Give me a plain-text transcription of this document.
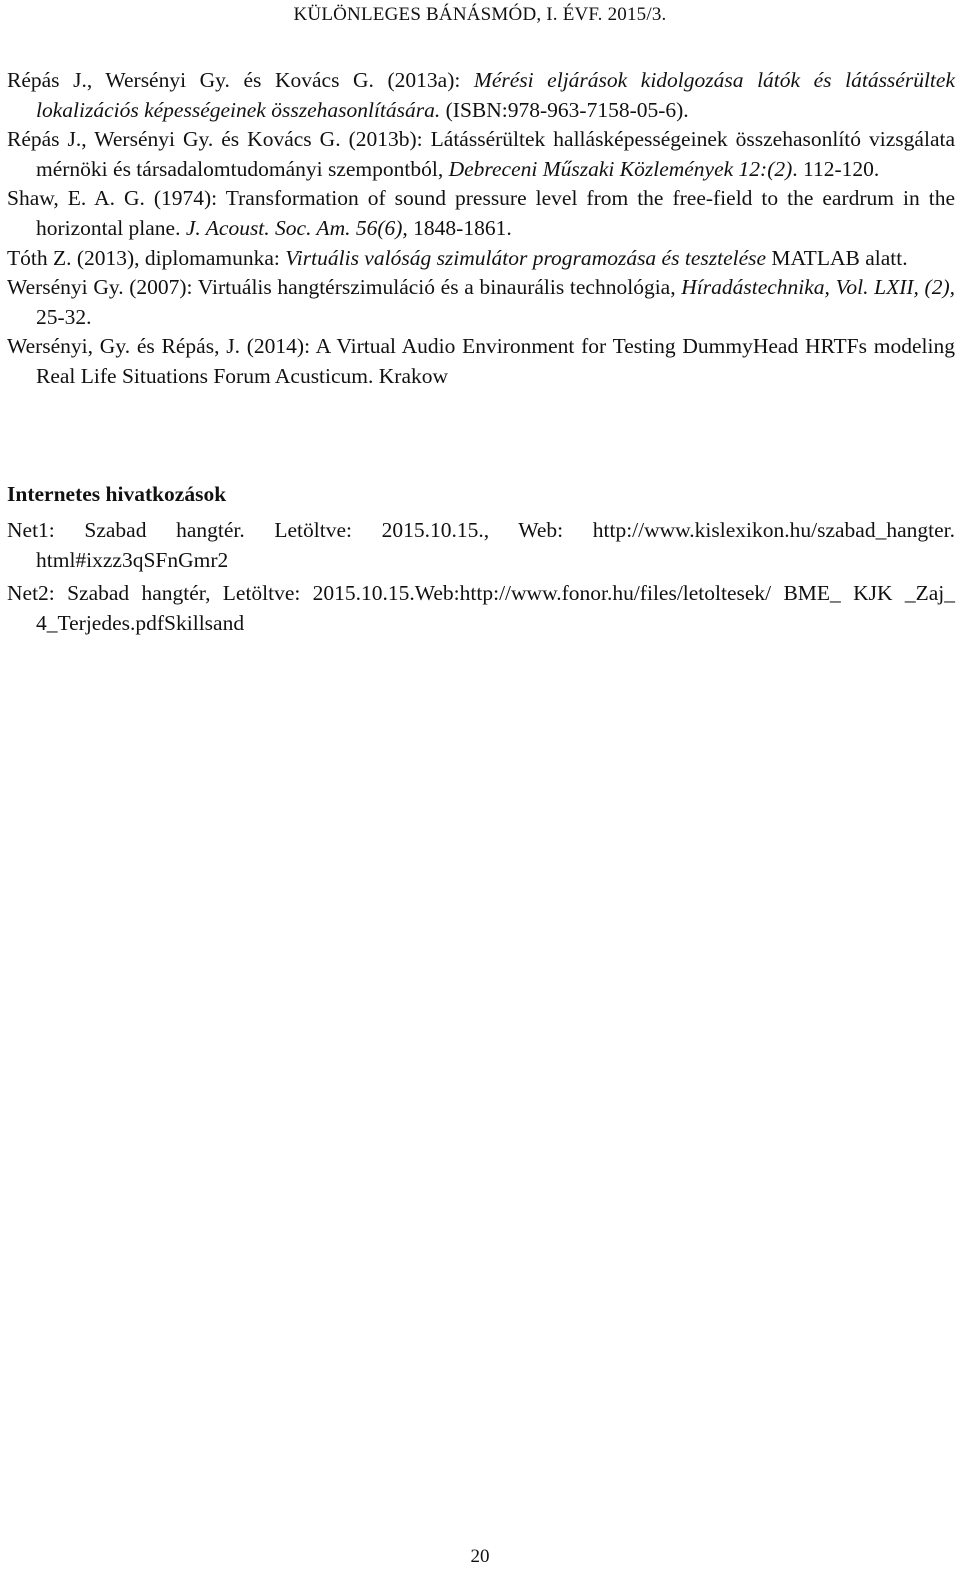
KÜLÖNLEGES BÁNÁSMÓD, I. ÉVF. 2015/3.

Répás J., Wersényi Gy. és Kovács G. (2013a): Mérési eljárások kidolgozása látók és látássérültek lokalizációs képességeinek összehasonlítására. (ISBN:978-963-7158-05-6).

Répás J., Wersényi Gy. és Kovács G. (2013b): Látássérültek hallásképességeinek összehasonlító vizsgálata mérnöki és társadalomtudományi szempontból, Debreceni Műszaki Közlemények 12:(2). 112-120.

Shaw, E. A. G. (1974): Transformation of sound pressure level from the free-field to the eardrum in the horizontal plane. J. Acoust. Soc. Am. 56(6), 1848-1861.

Tóth Z. (2013), diplomamunka: Virtuális valóság szimulátor programozása és tesztelése MATLAB alatt.

Wersényi Gy. (2007): Virtuális hangtérszimuláció és a binaurális technológia, Híradástechnika, Vol. LXII, (2), 25-32.

Wersényi, Gy. és Répás, J. (2014): A Virtual Audio Environment for Testing DummyHead HRTFs modeling Real Life Situations Forum Acusticum. Krakow

Internetes hivatkozások

Net1: Szabad hangtér. Letöltve: 2015.10.15., Web: http://www.kislexikon.hu/szabad_hangter. html#ixzz3qSFnGmr2

Net2: Szabad hangtér, Letöltve: 2015.10.15.Web:http://www.fonor.hu/files/letoltesek/ BME_ KJK _Zaj_ 4_Terjedes.pdfSkillsand

20
